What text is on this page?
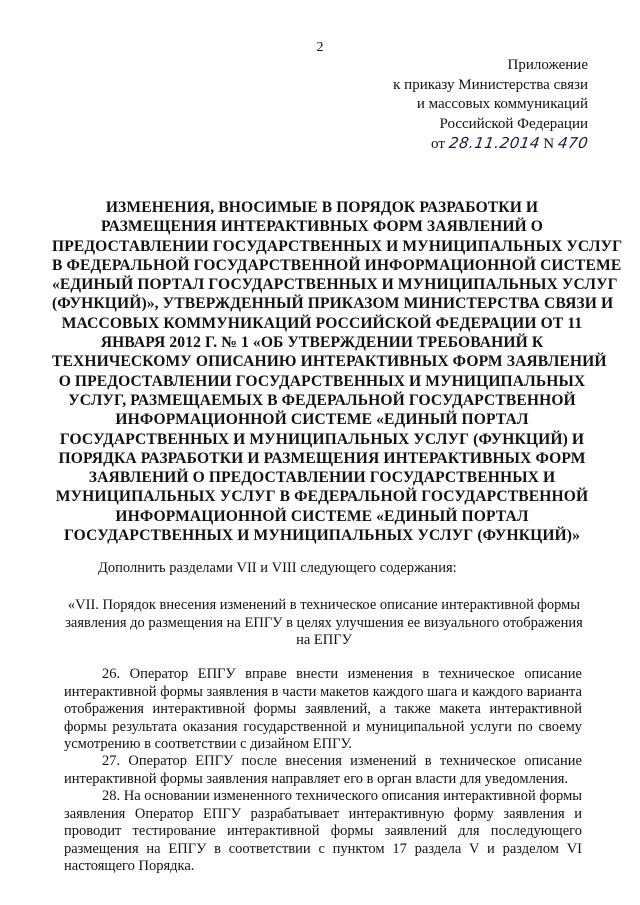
2
Приложение
к приказу Министерства связи
и массовых коммуникаций
Российской Федерации
от 28.11.2014 N 470
ИЗМЕНЕНИЯ, ВНОСИМЫЕ В ПОРЯДОК РАЗРАБОТКИ И
РАЗМЕЩЕНИЯ ИНТЕРАКТИВНЫХ ФОРМ ЗАЯВЛЕНИЙ О
ПРЕДОСТАВЛЕНИИ ГОСУДАРСТВЕННЫХ И МУНИЦИПАЛЬНЫХ УСЛУГ
В ФЕДЕРАЛЬНОЙ ГОСУДАРСТВЕННОЙ ИНФОРМАЦИОННОЙ СИСТЕМЕ
«ЕДИНЫЙ ПОРТАЛ ГОСУДАРСТВЕННЫХ И МУНИЦИПАЛЬНЫХ УСЛУГ
(ФУНКЦИЙ)», УТВЕРЖДЕННЫЙ ПРИКАЗОМ МИНИСТЕРСТВА СВЯЗИ И
МАССОВЫХ КОММУНИКАЦИЙ РОССИЙСКОЙ ФЕДЕРАЦИИ ОТ 11
ЯНВАРЯ 2012 Г. № 1 «ОБ УТВЕРЖДЕНИИ ТРЕБОВАНИЙ К
ТЕХНИЧЕСКОМУ ОПИСАНИЮ ИНТЕРАКТИВНЫХ ФОРМ ЗАЯВЛЕНИЙ
О ПРЕДОСТАВЛЕНИИ ГОСУДАРСТВЕННЫХ И МУНИЦИПАЛЬНЫХ
УСЛУГ, РАЗМЕЩАЕМЫХ В ФЕДЕРАЛЬНОЙ ГОСУДАРСТВЕННОЙ
ИНФОРМАЦИОННОЙ СИСТЕМЕ «ЕДИНЫЙ ПОРТАЛ
ГОСУДАРСТВЕННЫХ И МУНИЦИПАЛЬНЫХ УСЛУГ (ФУНКЦИЙ) И
ПОРЯДКА РАЗРАБОТКИ И РАЗМЕЩЕНИЯ ИНТЕРАКТИВНЫХ ФОРМ
ЗАЯВЛЕНИЙ О ПРЕДОСТАВЛЕНИИ ГОСУДАРСТВЕННЫХ И
МУНИЦИПАЛЬНЫХ УСЛУГ В ФЕДЕРАЛЬНОЙ ГОСУДАРСТВЕННОЙ
ИНФОРМАЦИОННОЙ СИСТЕМЕ «ЕДИНЫЙ ПОРТАЛ
ГОСУДАРСТВЕННЫХ И МУНИЦИПАЛЬНЫХ УСЛУГ (ФУНКЦИЙ)»
Дополнить разделами VII и VIII следующего содержания:
«VII. Порядок внесения изменений в техническое описание интерактивной формы
заявления до размещения на ЕПГУ в целях улучшения ее визуального отображения
на ЕПГУ
26. Оператор ЕПГУ вправе внести изменения в техническое описание
интерактивной формы заявления в части макетов каждого шага и каждого варианта
отображения интерактивной формы заявлений, а также макета интерактивной
формы результата оказания государственной и муниципальной услуги по своему
усмотрению в соответствии с дизайном ЕПГУ.
27. Оператор ЕПГУ после внесения изменений в техническое описание
интерактивной формы заявления направляет его в орган власти для уведомления.
28. На основании измененного технического описания интерактивной формы
заявления Оператор ЕПГУ разрабатывает интерактивную форму заявления и
проводит тестирование интерактивной формы заявлений для последующего
размещения на ЕПГУ в соответствии с пунктом 17 раздела V и разделом VI
настоящего Порядка.
